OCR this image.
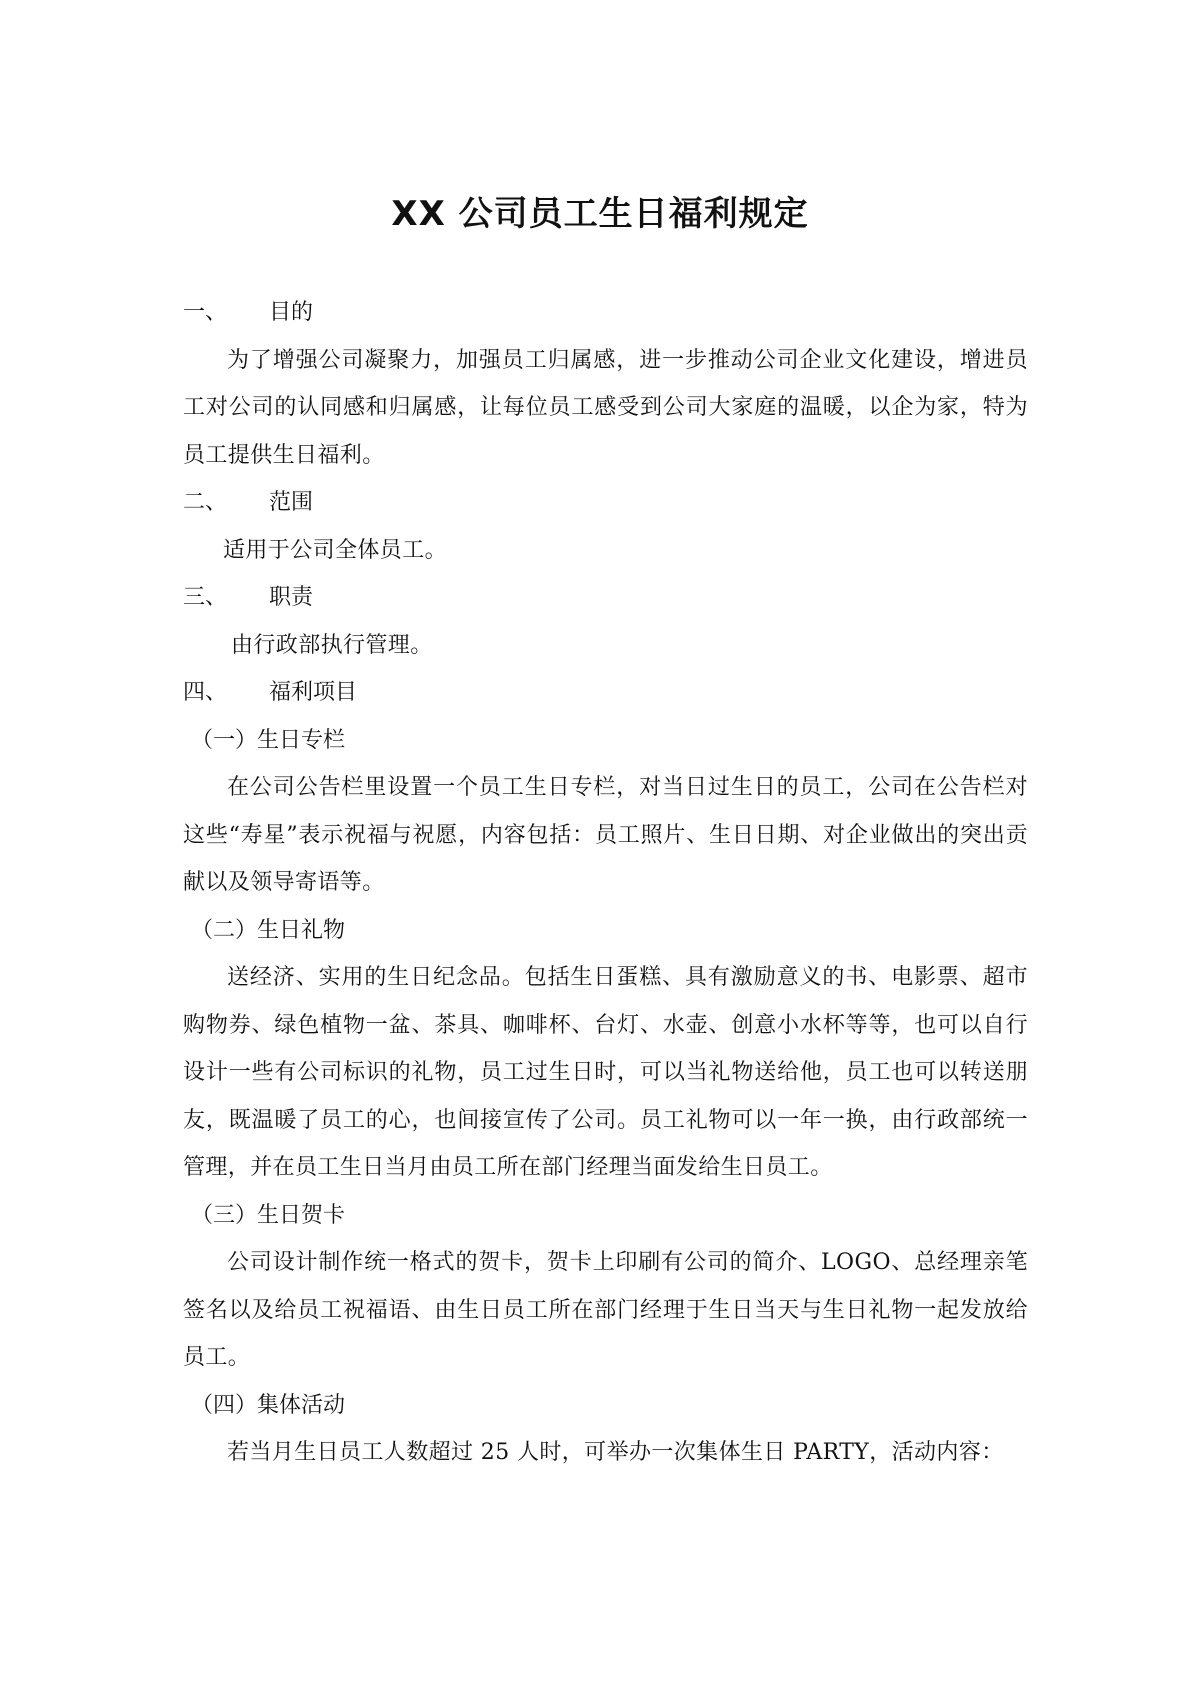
XX 公司员工生日福利规定
一、 目的
为了增强公司凝聚力，加强员工归属感，进一步推动公司企业文化建设，增进员工对公司的认同感和归属感，让每位员工感受到公司大家庭的温暖，以企为家，特为员工提供生日福利。
二、 范围
适用于公司全体员工。
三、 职责
由行政部执行管理。
四、 福利项目
（一）生日专栏
在公司公告栏里设置一个员工生日专栏，对当日过生日的员工，公司在公告栏对这些“寿星”表示祝福与祝愿，内容包括：员工照片、生日日期、对企业做出的突出贡献以及领导寄语等。
（二）生日礼物
送经济、实用的生日纪念品。包括生日蛋糕、具有激励意义的书、电影票、超市购物券、绿色植物一盆、茶具、咖啡杯、台灯、水壶、创意小水杯等等，也可以自行设计一些有公司标识的礼物，员工过生日时，可以当礼物送给他，员工也可以转送朋友，既温暖了员工的心，也间接宣传了公司。员工礼物可以一年一换，由行政部统一管理，并在员工生日当月由员工所在部门经理当面发给生日员工。
（三）生日贺卡
公司设计制作统一格式的贺卡，贺卡上印刷有公司的简介、LOGO、总经理亲笔签名以及给员工祝福语、由生日员工所在部门经理于生日当天与生日礼物一起发放给员工。
（四）集体活动
若当月生日员工人数超过 25 人时，可举办一次集体生日 PARTY，活动内容：
